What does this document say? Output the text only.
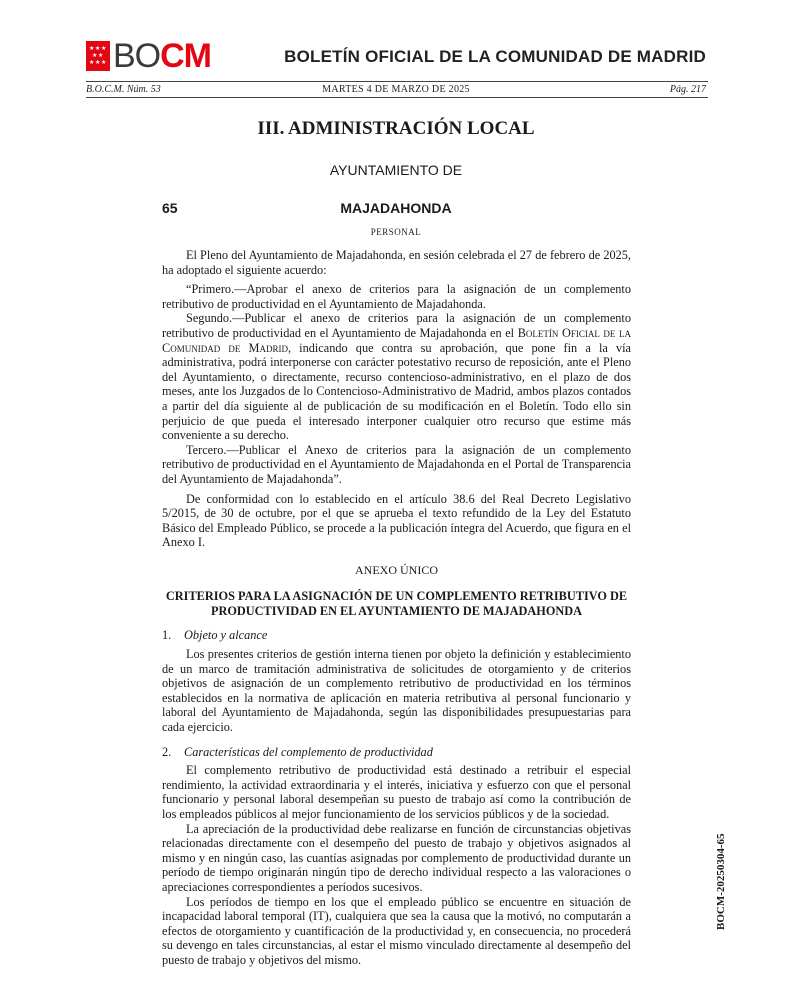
★ ★ ★
★ ★
★ ★ ★ BOCM	BOLETÍN OFICIAL DE LA COMUNIDAD DE MADRID
B.O.C.M. Núm. 53	MARTES 4 DE MARZO DE 2025	Pág. 217
III. ADMINISTRACIÓN LOCAL
AYUNTAMIENTO DE
65	MAJADAHONDA
PERSONAL

El Pleno del Ayuntamiento de Majadahonda, en sesión celebrada el 27 de febrero de 2025, ha adoptado el siguiente acuerdo:

“Primero.—Aprobar el anexo de criterios para la asignación de un complemento retributivo de productividad en el Ayuntamiento de Majadahonda.

Segundo.—Publicar el anexo de criterios para la asignación de un complemento retributivo de productividad en el Ayuntamiento de Majadahonda en el Boletín Oficial de la Comunidad de Madrid, indicando que contra su aprobación, que pone fin a la vía administrativa, podrá interponerse con carácter potestativo recurso de reposición, ante el Pleno del Ayuntamiento, o directamente, recurso contencioso-administrativo, en el plazo de dos meses, ante los Juzgados de lo Contencioso-Administrativo de Madrid, ambos plazos contados a partir del día siguiente al de publicación de su modificación en el Boletín. Todo ello sin perjuicio de que pueda el interesado interponer cualquier otro recurso que estime más conveniente a su derecho.

Tercero.—Publicar el Anexo de criterios para la asignación de un complemento retributivo de productividad en el Ayuntamiento de Majadahonda en el Portal de Transparencia del Ayuntamiento de Majadahonda”.

De conformidad con lo establecido en el artículo 38.6 del Real Decreto Legislativo 5/2015, de 30 de octubre, por el que se aprueba el texto refundido de la Ley del Estatuto Básico del Empleado Público, se procede a la publicación íntegra del Acuerdo, que figura en el Anexo I.

ANEXO ÚNICO

CRITERIOS PARA LA ASIGNACIÓN DE UN COMPLEMENTO RETRIBUTIVO DE PRODUCTIVIDAD EN EL AYUNTAMIENTO DE MAJADAHONDA

1. Objeto y alcance

Los presentes criterios de gestión interna tienen por objeto la definición y establecimiento de un marco de tramitación administrativa de solicitudes de otorgamiento y de criterios objetivos de asignación de un complemento retributivo de productividad en los términos establecidos en la normativa de aplicación en materia retributiva al personal funcionario y laboral del Ayuntamiento de Majadahonda, según las disponibilidades presupuestarias para cada ejercicio.

2. Características del complemento de productividad

El complemento retributivo de productividad está destinado a retribuir el especial rendimiento, la actividad extraordinaria y el interés, iniciativa y esfuerzo con que el personal funcionario y personal laboral desempeñan su puesto de trabajo así como la contribución de los empleados públicos al mejor funcionamiento de los servicios públicos y de la sociedad.

La apreciación de la productividad debe realizarse en función de circunstancias objetivas relacionadas directamente con el desempeño del puesto de trabajo y objetivos asignados al mismo y en ningún caso, las cuantías asignadas por complemento de productividad durante un período de tiempo originarán ningún tipo de derecho individual respecto a las valoraciones o apreciaciones correspondientes a períodos sucesivos.

Los períodos de tiempo en los que el empleado público se encuentre en situación de incapacidad laboral temporal (IT), cualquiera que sea la causa que la motivó, no computarán a efectos de otorgamiento y cuantificación de la productividad y, en consecuencia, no procederá su devengo en tales circunstancias, al estar el mismo vinculado directamente al desempeño del puesto de trabajo y objetivos del mismo.

BOCM-20250304-65
